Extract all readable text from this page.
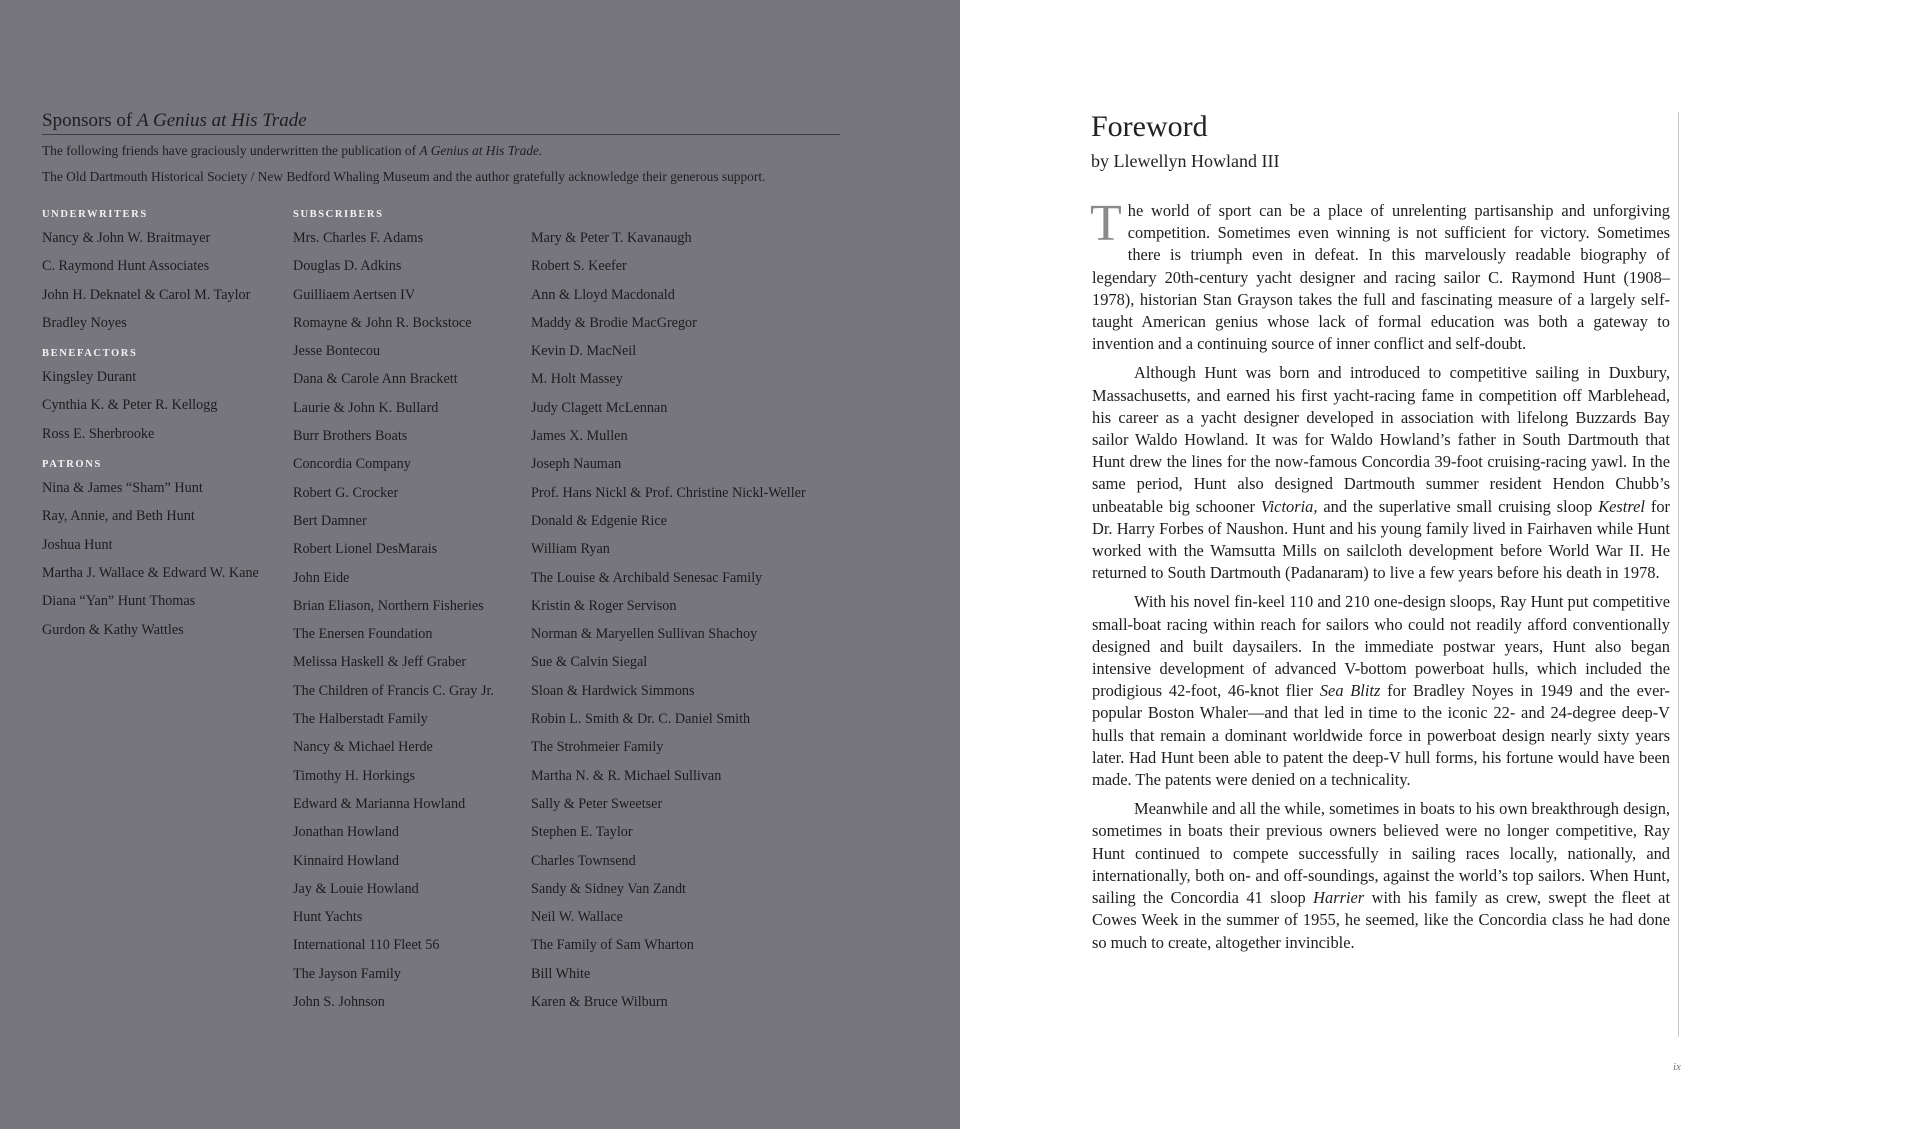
Sponsors of A Genius at His Trade
The following friends have graciously underwritten the publication of A Genius at His Trade.
The Old Dartmouth Historical Society / New Bedford Whaling Museum and the author gratefully acknowledge their generous support.
UNDERWRITERS
Nancy & John W. Braitmayer
C. Raymond Hunt Associates
John H. Deknatel & Carol M. Taylor
Bradley Noyes
BENEFACTORS
Kingsley Durant
Cynthia K. & Peter R. Kellogg
Ross E. Sherbrooke
PATRONS
Nina & James “Sham” Hunt
Ray, Annie, and Beth Hunt
Joshua Hunt
Martha J. Wallace & Edward W. Kane
Diana “Yan” Hunt Thomas
Gurdon & Kathy Wattles
SUBSCRIBERS
Mrs. Charles F. Adams
Douglas D. Adkins
Guilliaem Aertsen IV
Romayne & John R. Bockstoce
Jesse Bontecou
Dana & Carole Ann Brackett
Laurie & John K. Bullard
Burr Brothers Boats
Concordia Company
Robert G. Crocker
Bert Damner
Robert Lionel DesMarais
John Eide
Brian Eliason, Northern Fisheries
The Enersen Foundation
Melissa Haskell & Jeff Graber
The Children of Francis C. Gray Jr.
The Halberstadt Family
Nancy & Michael Herde
Timothy H. Horkings
Edward & Marianna Howland
Jonathan Howland
Kinnaird Howland
Jay & Louie Howland
Hunt Yachts
International 110 Fleet 56
The Jayson Family
John S. Johnson
Mary & Peter T. Kavanaugh
Robert S. Keefer
Ann & Lloyd Macdonald
Maddy & Brodie MacGregor
Kevin D. MacNeil
M. Holt Massey
Judy Clagett McLennan
James X. Mullen
Joseph Nauman
Prof. Hans Nickl & Prof. Christine Nickl-Weller
Donald & Edgenie Rice
William Ryan
The Louise & Archibald Senesac Family
Kristin & Roger Servison
Norman & Maryellen Sullivan Shachoy
Sue & Calvin Siegal
Sloan & Hardwick Simmons
Robin L. Smith & Dr. C. Daniel Smith
The Strohmeier Family
Martha N. & R. Michael Sullivan
Sally & Peter Sweetser
Stephen E. Taylor
Charles Townsend
Sandy & Sidney Van Zandt
Neil W. Wallace
The Family of Sam Wharton
Bill White
Karen & Bruce Wilburn
Foreword
by Llewellyn Howland III

The world of sport can be a place of unrelenting partisanship and unforgiving competition. Sometimes even winning is not sufficient for victory. Sometimes there is triumph even in defeat. In this marvelously readable biography of legendary 20th-century yacht designer and racing sailor C. Raymond Hunt (1908–1978), historian Stan Grayson takes the full and fascinating measure of a largely self-taught American genius whose lack of formal education was both a gateway to invention and a continuing source of inner conflict and self-doubt.

Although Hunt was born and introduced to competitive sailing in Duxbury, Massachusetts, and earned his first yacht-racing fame in competition off Marblehead, his career as a yacht designer developed in association with lifelong Buzzards Bay sailor Waldo Howland. It was for Waldo Howland’s father in South Dartmouth that Hunt drew the lines for the now-famous Concordia 39-foot cruising-racing yawl. In the same period, Hunt also designed Dartmouth summer resident Hendon Chubb’s unbeatable big schooner Victoria, and the superlative small cruising sloop Kestrel for Dr. Harry Forbes of Naushon. Hunt and his young family lived in Fairhaven while Hunt worked with the Wamsutta Mills on sailcloth development before World War II. He returned to South Dartmouth (Padanaram) to live a few years before his death in 1978.

With his novel fin-keel 110 and 210 one-design sloops, Ray Hunt put competitive small-boat racing within reach for sailors who could not readily afford conventionally designed and built daysailers. In the immediate postwar years, Hunt also began intensive development of advanced V-bottom powerboat hulls, which included the prodigious 42-foot, 46-knot flier Sea Blitz for Bradley Noyes in 1949 and the ever-popular Boston Whaler—and that led in time to the iconic 22- and 24-degree deep-V hulls that remain a dominant worldwide force in powerboat design nearly sixty years later. Had Hunt been able to patent the deep-V hull forms, his fortune would have been made. The patents were denied on a technicality.

Meanwhile and all the while, sometimes in boats to his own breakthrough design, sometimes in boats their previous owners believed were no longer competitive, Ray Hunt continued to compete successfully in sailing races locally, nationally, and internationally, both on- and off-soundings, against the world’s top sailors. When Hunt, sailing the Concordia 41 sloop Harrier with his family as crew, swept the fleet at Cowes Week in the summer of 1955, he seemed, like the Concordia class he had done so much to create, altogether invincible.

ix
